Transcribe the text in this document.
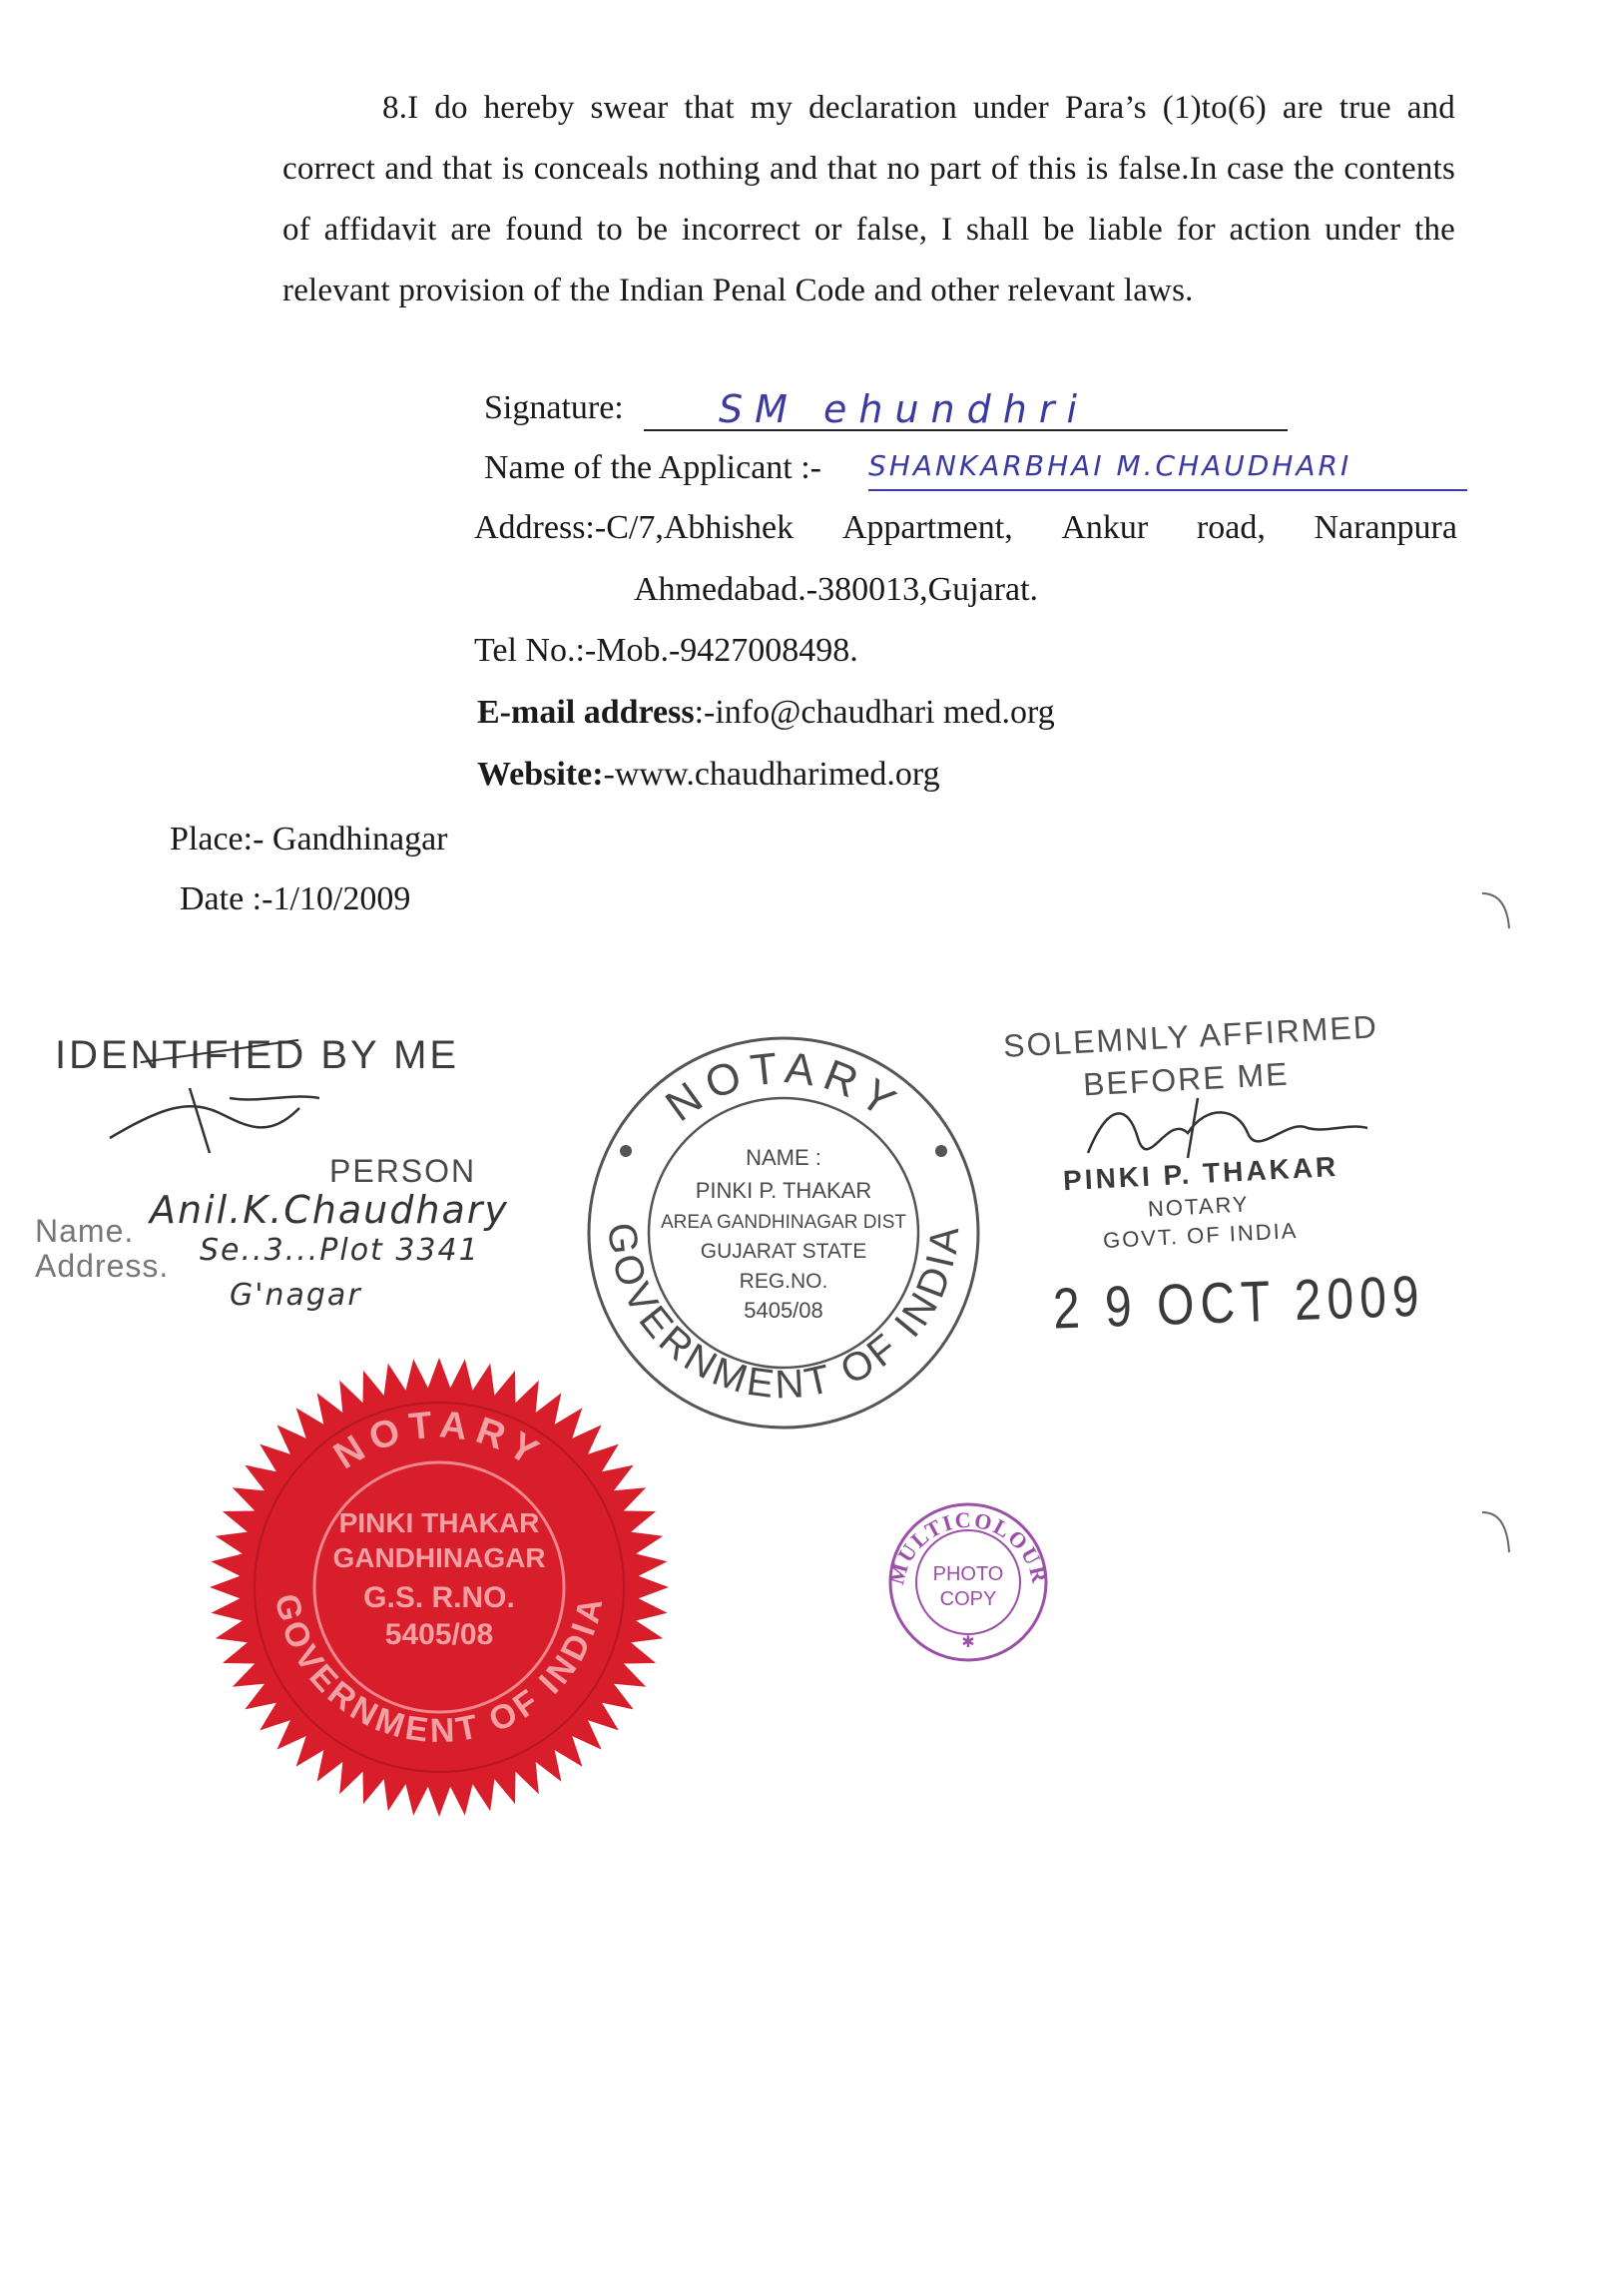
8.I do hereby swear that my declaration under Para’s (1)to(6) are true and correct and that is conceals nothing and that no part of this is false.In case the contents of affidavit are found to be incorrect or false, I shall be liable for action under the relevant provision of the Indian Penal Code and other relevant laws.
Signature:	SM ehundhri
Name of the Applicant :- SHANKARBHAI M.CHAUDHARI
Address:-C/7,Abhishek Appartment, Ankur road, Naranpura
Ahmedabad.-380013,Gujarat.
Tel No.:-Mob.-9427008498.
E-mail address:-info@chaudhari med.org
Website:-www.chaudharimed.org
Place:- Gandhinagar
Date :-1/10/2009
IDENTIFIED BY ME
PERSON
Name.
Address.
Anil.K.Chaudhary
Se..3...Plot 3341
G'nagar
NOTARY
GOVERNMENT OF INDIA
NAME :
PINKI P. THAKAR
AREA GANDHINAGAR DIST
GUJARAT STATE
REG.NO.
5405/08
SOLEMNLY AFFIRMED
BEFORE ME
PINKI P. THAKAR
NOTARY
GOVT. OF INDIA
2 9 OCT 2009
NOTARY
GOVERNMENT OF INDIA
PINKI THAKAR
GANDHINAGAR
G.S. R.NO.
5405/08
MULTICOLOUR
PHOTO
COPY
✱
